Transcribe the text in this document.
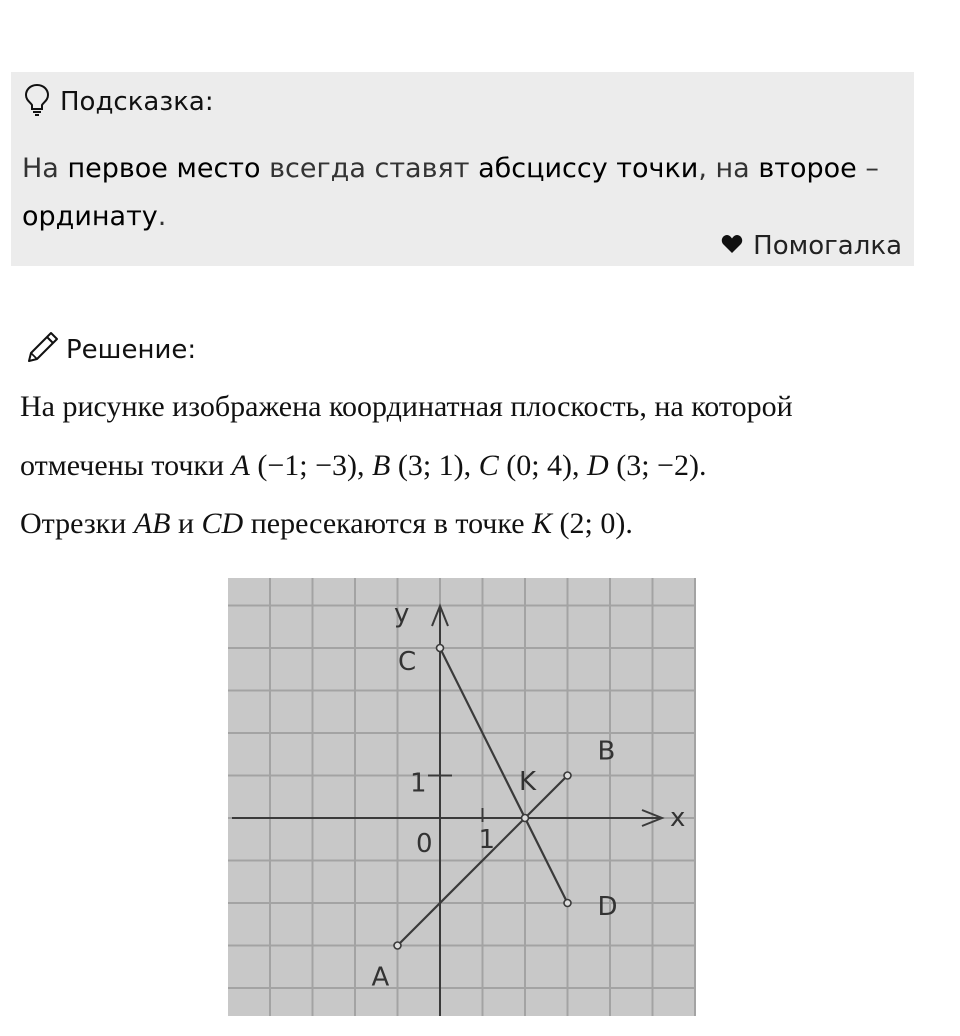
Подсказка:
На первое место всегда ставят абсциссу точки, на второе –
ординату.
Помогалка
Решение:
На рисунке изображена координатная плоскость, на которой
отмечены точки A (−1; −3), B (3; 1), C (0; 4), D (3; −2).
Отрезки AB и CD пересекаются в точке K (2; 0).
A
B
C
D
K
x
y
0
1
1
